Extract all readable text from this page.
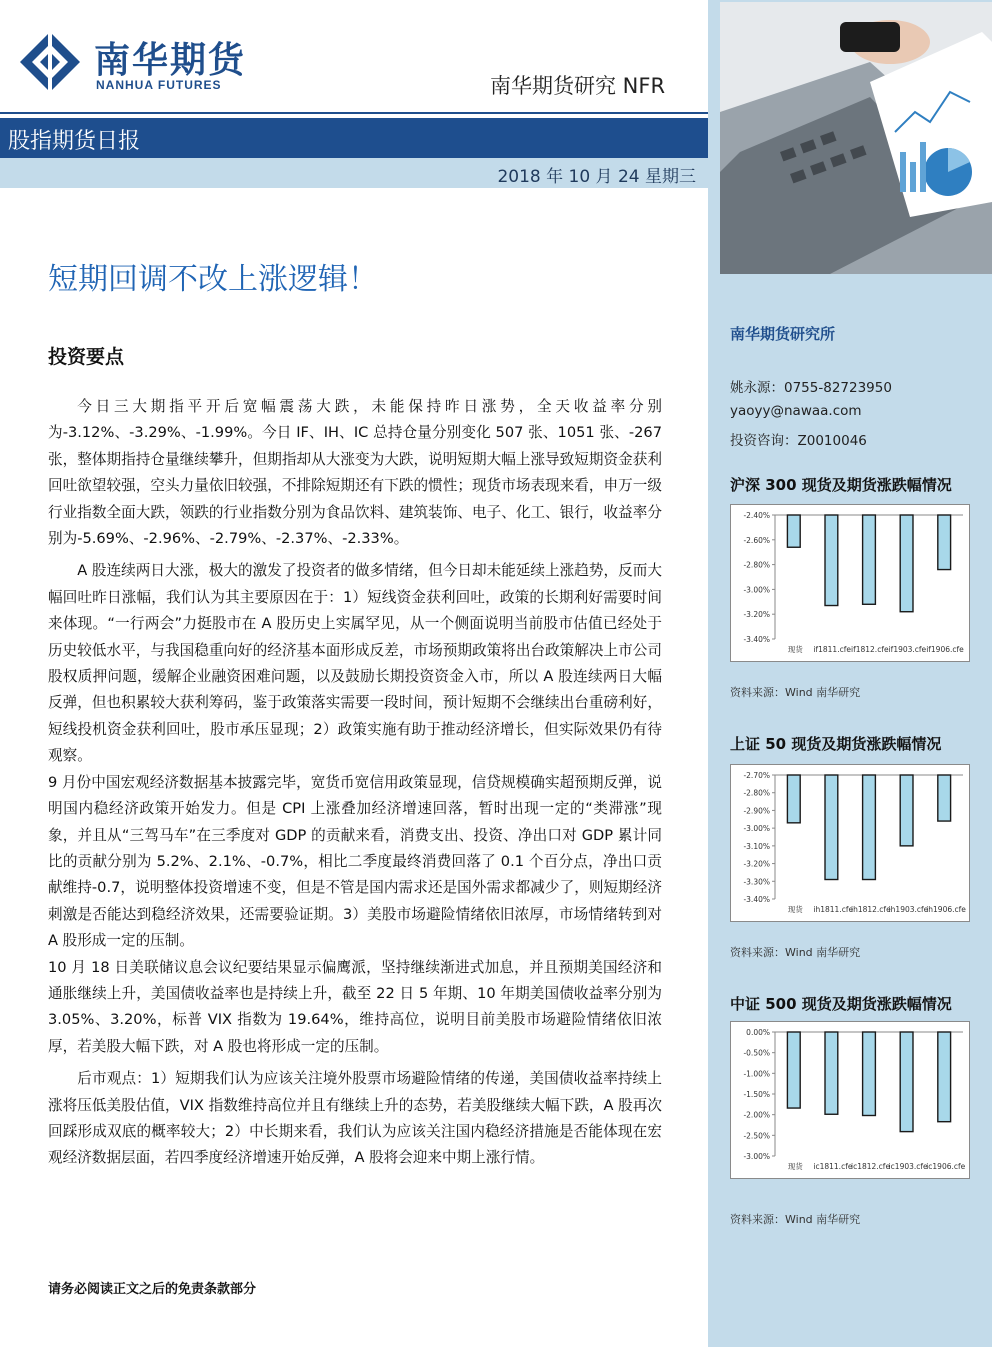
南华期货
NANHUA FUTURES	南华期货研究 NFR
股指期货日报
2018 年 10 月 24 星期三
短期回调不改上涨逻辑！
投资要点

今日三大期指平开后宽幅震荡大跌，未能保持昨日涨势，全天收益率分别为-3.12%、-3.29%、-1.99%。今日 IF、IH、IC 总持仓量分别变化 507 张、1051 张、-267 张，整体期指持仓量继续攀升，但期指却从大涨变为大跌，说明短期大幅上涨导致短期资金获利回吐欲望较强，空头力量依旧较强，不排除短期还有下跌的惯性；现货市场表现来看，申万一级行业指数全面大跌，领跌的行业指数分别为食品饮料、建筑装饰、电子、化工、银行，收益率分别为-5.69%、-2.96%、-2.79%、-2.37%、-2.33%。

A 股连续两日大涨，极大的激发了投资者的做多情绪，但今日却未能延续上涨趋势，反而大幅回吐昨日涨幅，我们认为其主要原因在于：1）短线资金获利回吐，政策的长期利好需要时间来体现。“一行两会”力挺股市在 A 股历史上实属罕见，从一个侧面说明当前股市估值已经处于历史较低水平，与我国稳重向好的经济基本面形成反差，市场预期政策将出台政策解决上市公司股权质押问题，缓解企业融资困难问题，以及鼓励长期投资资金入市，所以 A 股连续两日大幅反弹，但也积累较大获利筹码，鉴于政策落实需要一段时间，预计短期不会继续出台重磅利好，短线投机资金获利回吐，股市承压显现；2）政策实施有助于推动经济增长，但实际效果仍有待观察。

9 月份中国宏观经济数据基本披露完毕，宽货币宽信用政策显现，信贷规模确实超预期反弹，说明国内稳经济政策开始发力。但是 CPI 上涨叠加经济增速回落，暂时出现一定的“类滞涨”现象，并且从“三驾马车”在三季度对 GDP 的贡献来看，消费支出、投资、净出口对 GDP 累计同比的贡献分别为 5.2%、2.1%、-0.7%，相比二季度最终消费回落了 0.1 个百分点，净出口贡献维持-0.7，说明整体投资增速不变，但是不管是国内需求还是国外需求都减少了，则短期经济刺激是否能达到稳经济效果，还需要验证期。3）美股市场避险情绪依旧浓厚，市场情绪转到对 A 股形成一定的压制。

10 月 18 日美联储议息会议纪要结果显示偏鹰派，坚持继续渐进式加息，并且预期美国经济和通胀继续上升，美国债收益率也是持续上升，截至 22 日 5 年期、10 年期美国债收益率分别为 3.05%、3.20%，标普 VIX 指数为 19.64%，维持高位，说明目前美股市场避险情绪依旧浓厚，若美股大幅下跌，对 A 股也将形成一定的压制。

后市观点：1）短期我们认为应该关注境外股票市场避险情绪的传递，美国债收益率持续上涨将压低美股估值，VIX 指数维持高位并且有继续上升的态势，若美股继续大幅下跌，A 股再次回踩形成双底的概率较大；2）中长期来看，我们认为应该关注国内稳经济措施是否能体现在宏观经济数据层面，若四季度经济增速开始反弹，A 股将会迎来中期上涨行情。

请务必阅读正文之后的免责条款部分
南华期货研究所
姚永源：0755-82723950
yaoyy@nawaa.com
投资咨询：Z0010046
沪深 300 现货及期货涨跌幅情况
-2.40%
-2.60%
-2.80%
-3.00%
-3.20%
-3.40%
现货 if1811.cfeif1812.cfeif1903.cfeif1906.cfe
资料来源：Wind 南华研究
上证 50 现货及期货涨跌幅情况
-2.70%
-2.80%
-2.90%
-3.00%
-3.10%
-3.20%
-3.30%
-3.40%
现货 ih1811.cfeih1812.cfeih1903.cfeih1906.cfe
资料来源：Wind 南华研究
中证 500 现货及期货涨跌幅情况
0.00%
-0.50%
-1.00%
-1.50%
-2.00%
-2.50%
-3.00%
现货 ic1811.cfeic1812.cfeic1903.cfeic1906.cfe
资料来源：Wind 南华研究
